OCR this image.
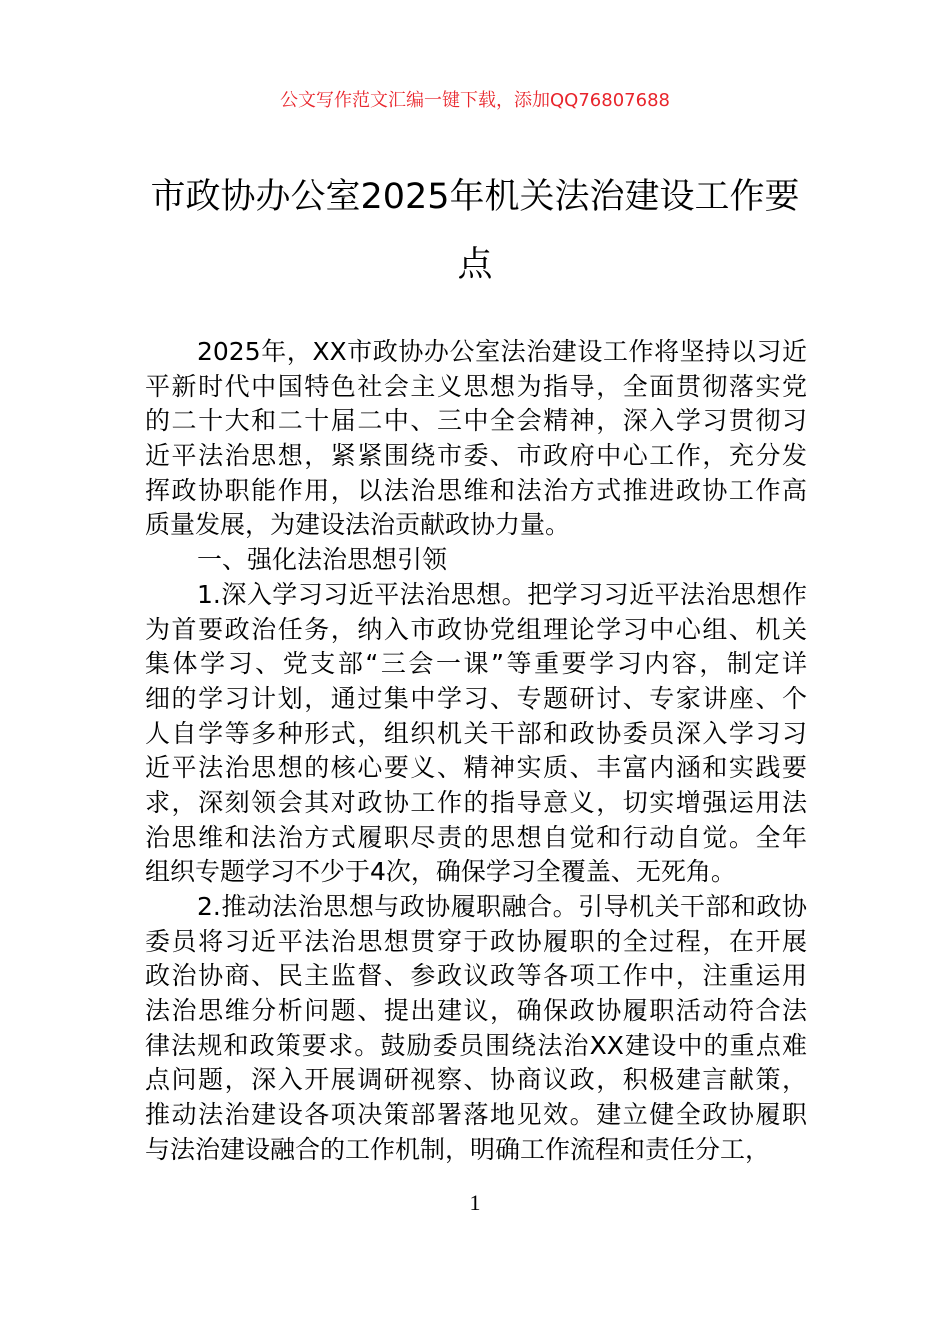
公文写作范文汇编一键下载，添加QQ76807688
市政协办公室2025年机关法治建设工作要
点
2025年，XX市政协办公室法治建设工作将坚持以习近
平新时代中国特色社会主义思想为指导，全面贯彻落实党
的二十大和二十届二中、三中全会精神，深入学习贯彻习
近平法治思想，紧紧围绕市委、市政府中心工作，充分发
挥政协职能作用，以法治思维和法治方式推进政协工作高
质量发展，为建设法治贡献政协力量。
一、强化法治思想引领
1.深入学习习近平法治思想。把学习习近平法治思想作
为首要政治任务，纳入市政协党组理论学习中心组、机关
集体学习、党支部“三会一课”等重要学习内容，制定详
细的学习计划，通过集中学习、专题研讨、专家讲座、个
人自学等多种形式，组织机关干部和政协委员深入学习习
近平法治思想的核心要义、精神实质、丰富内涵和实践要
求，深刻领会其对政协工作的指导意义，切实增强运用法
治思维和法治方式履职尽责的思想自觉和行动自觉。全年
组织专题学习不少于4次，确保学习全覆盖、无死角。
2.推动法治思想与政协履职融合。引导机关干部和政协
委员将习近平法治思想贯穿于政协履职的全过程，在开展
政治协商、民主监督、参政议政等各项工作中，注重运用
法治思维分析问题、提出建议，确保政协履职活动符合法
律法规和政策要求。鼓励委员围绕法治XX建设中的重点难
点问题，深入开展调研视察、协商议政，积极建言献策，
推动法治建设各项决策部署落地见效。建立健全政协履职
与法治建设融合的工作机制，明确工作流程和责任分工，
1
